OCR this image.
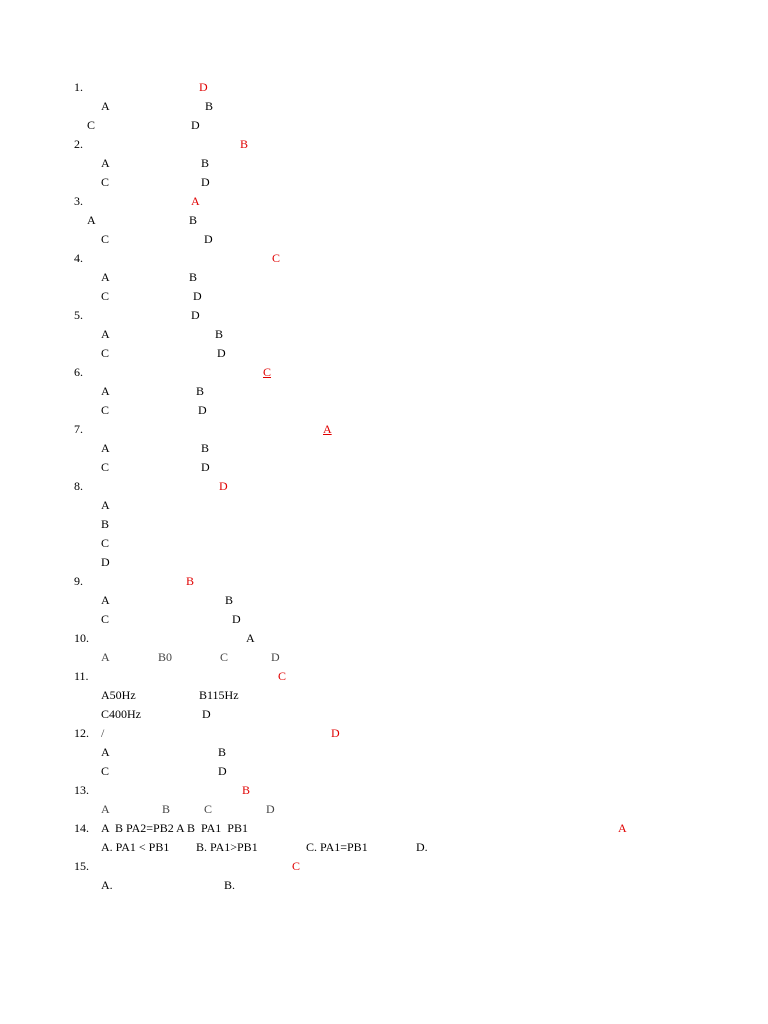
1.	D
A	B
C	D
2.	B
A	B
C	D
3.	A
A	B
C	D
4.	C
A	B
C	D
5.	D
A	B
C	D
6.	C
A	B
C	D
7.	A
A	B
C	D
8.	D
A
B
C
D
9.	B
A	B
C	D
10.	A
A	B0	C	D
11.	C
A50Hz	B115Hz
C400Hz	D
12. /	D
A	B
C	D
13.	B
A	B	C	D
14. A  B PA2=PB2 A B  PA1  PB1	A
A. PA1 < PB1 B. PA1>PB1	C. PA1=PB1	D.
15.	C
A.	B.
